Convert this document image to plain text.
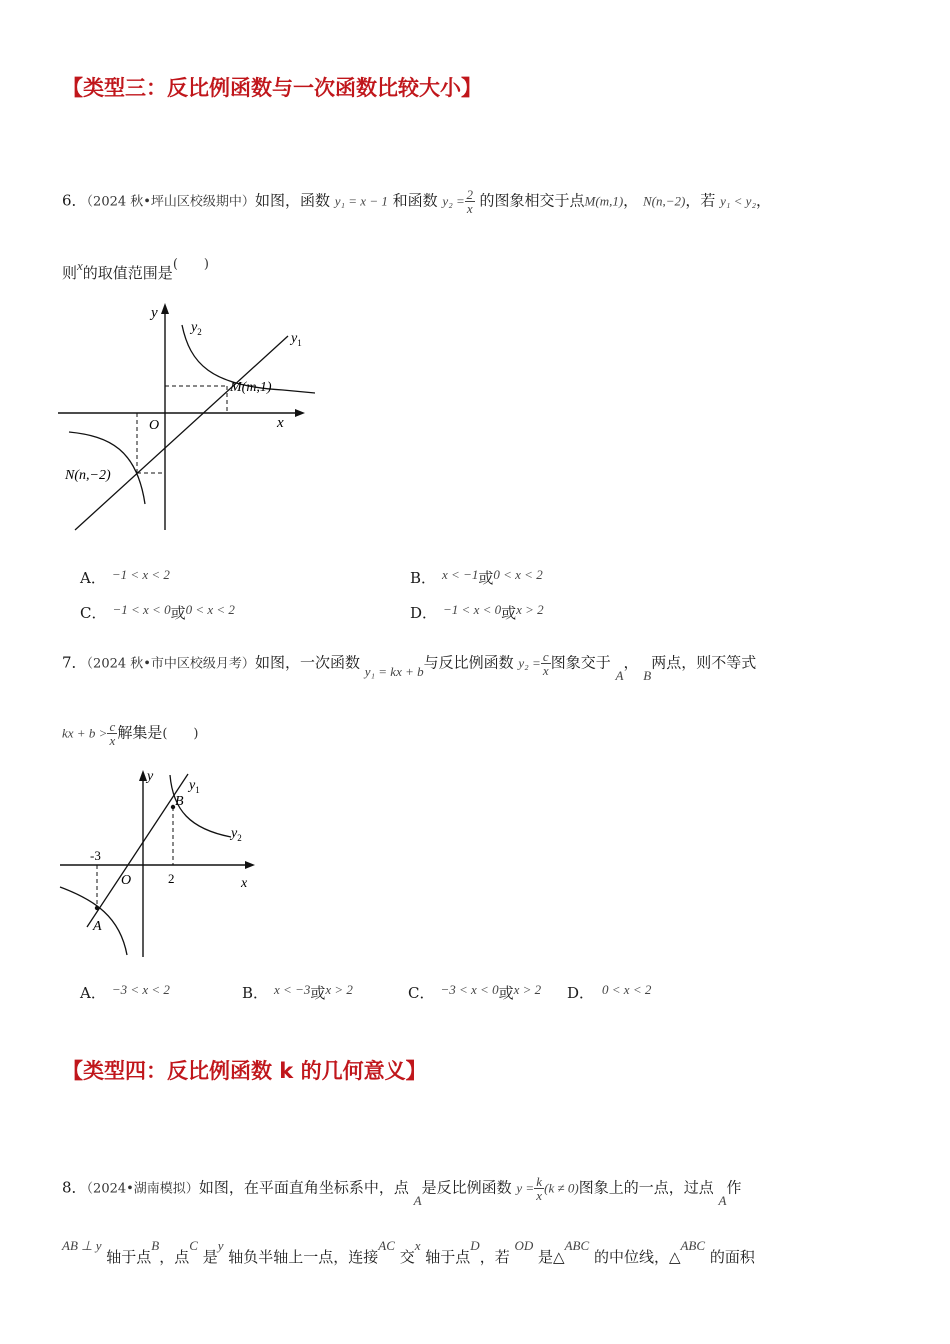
【类型三：反比例函数与一次函数比较大小】
6．（2024 秋•坪山区校级期中）如图，函数 y₁ = x − 1 和函数 $y_2 = \frac{2}{x}$ 的图象相交于点M(m,1)， N(n,−2)，若 y₁ < y₂，
则x的取值范围是(　　)
y
x
O
$y_2$	$y_1$
M(m,1)
N(n,−2)
A． −1 < x < 2	B． x < −1或0 < x < 2
C． −1 < x < 0或0 < x < 2	D． −1 < x < 0或x > 2
7．（2024 秋•市中区校级月考）如图，一次函数 y₁ = kx + b与反比例函数 $y_2 = \frac{c}{x}$ 图象交于 A， B两点，则不等式
kx + $b > \frac{c}{x}$ 解集是(　　)
y
x
O
-3
2
B
A
$y_1$
$y_2$
A． −3 < x < 2	B． x < −3或x > 2	C． −3 < x < 0或x > 2 D． 0 < x < 2
【类型四：反比例函数 k 的几何意义】
8．（2024•湖南模拟）如图，在平面直角坐标系中，点 A是反比例函数 $y = \frac{k}{x} (k \ne 0)$图象上的一点，过点 A作
AB ⊥ y 轴于点B，点C 是y 轴负半轴上一点，连接AC 交x 轴于点D，若 OD 是△ABC 的中位线，△ABC 的面积
